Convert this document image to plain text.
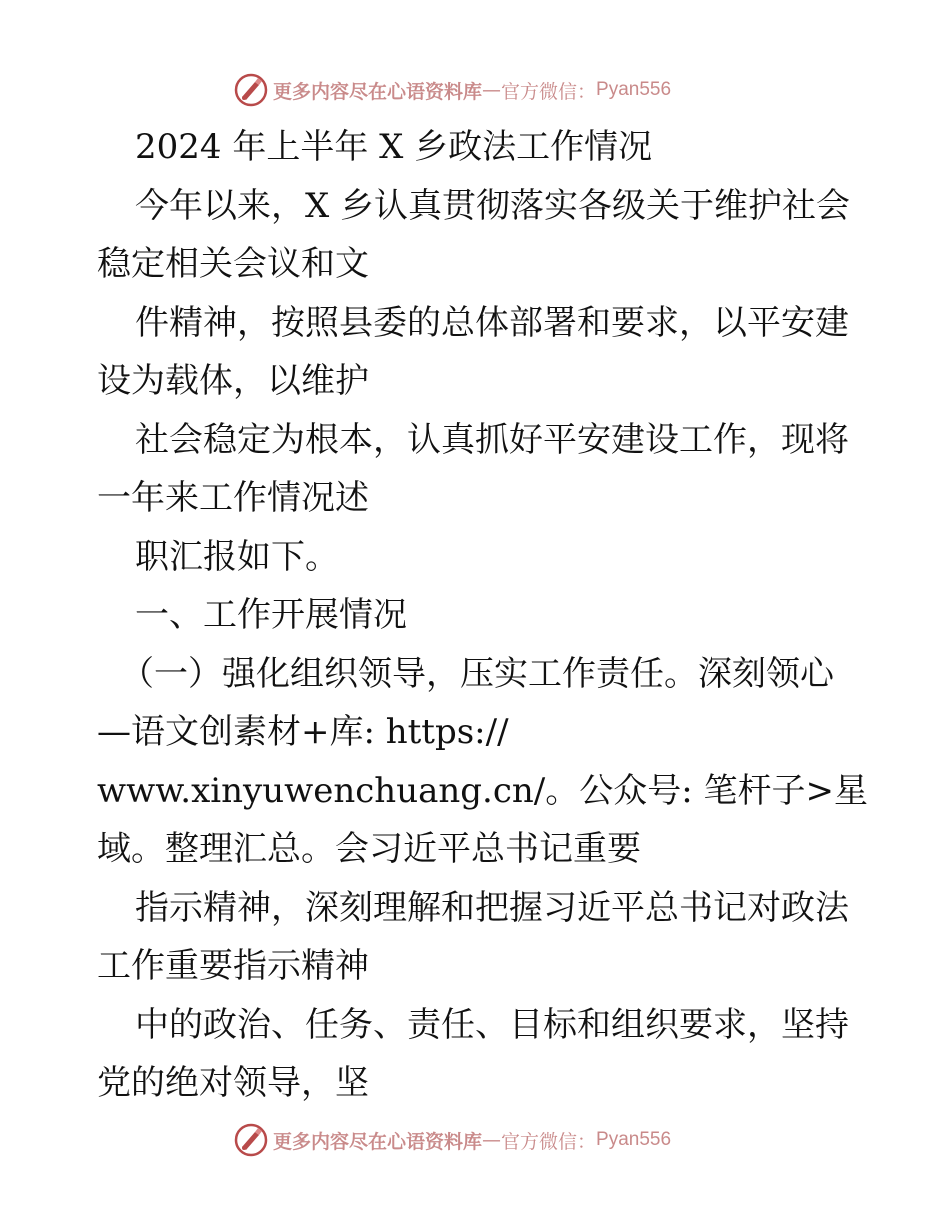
更多内容尽在心语资料库 — 官方微信： Pyan556
2024 年上半年 X 乡政法工作情况
今年以来，X 乡认真贯彻落实各级关于维护社会
稳定相关会议和文
件精神，按照县委的总体部署和要求，以平安建
设为载体，以维护
社会稳定为根本，认真抓好平安建设工作，现将
一年来工作情况述
职汇报如下。
一、工作开展情况
（一）强化组织领导，压实工作责任。深刻领心
—语文创素材+库: https://
www.xinyuwenchuang.cn/。公众号: 笔杆子>星
域。整理汇总。会习近平总书记重要
指示精神，深刻理解和把握习近平总书记对政法
工作重要指示精神
中的政治、任务、责任、目标和组织要求，坚持
党的绝对领导，坚
更多内容尽在心语资料库 — 官方微信： Pyan556
